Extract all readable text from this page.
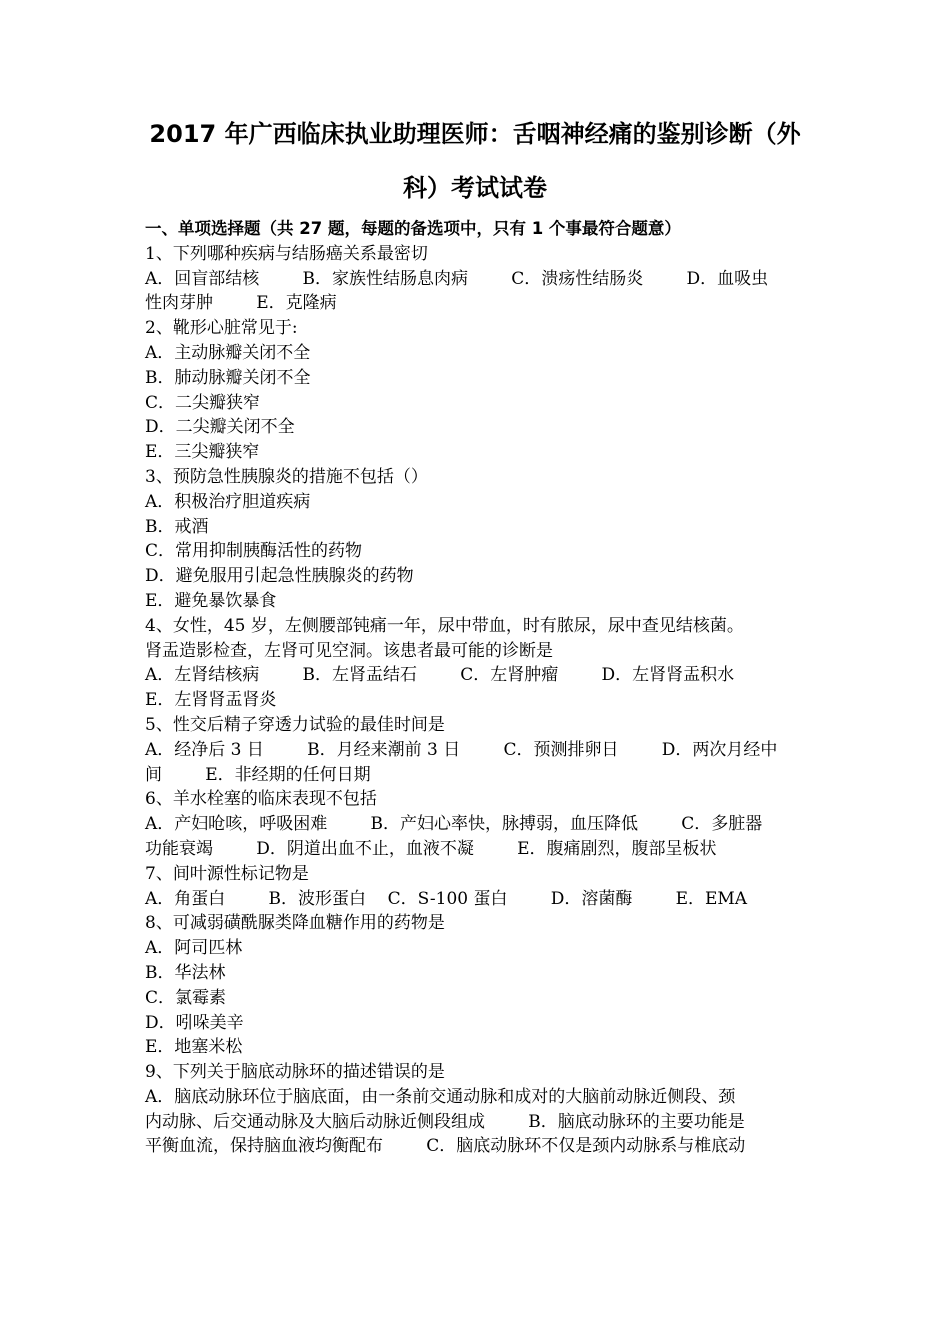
2017 年广西临床执业助理医师：舌咽神经痛的鉴别诊断（外
科）考试试卷
一、单项选择题（共 27 题，每题的备选项中，只有 1 个事最符合题意）
1、下列哪种疾病与结肠癌关系最密切
A．回盲部结核        B．家族性结肠息肉病        C．溃疡性结肠炎        D．血吸虫
性肉芽肿        E．克隆病
2、靴形心脏常见于:
A．主动脉瓣关闭不全
B．肺动脉瓣关闭不全
C．二尖瓣狭窄
D．二尖瓣关闭不全
E．三尖瓣狭窄
3、预防急性胰腺炎的措施不包括（）
A．积极治疗胆道疾病
B．戒酒
C．常用抑制胰酶活性的药物
D．避免服用引起急性胰腺炎的药物
E．避免暴饮暴食
4、女性，45 岁，左侧腰部钝痛一年，尿中带血，时有脓尿，尿中查见结核菌。
肾盂造影检查，左肾可见空洞。该患者最可能的诊断是
A．左肾结核病        B．左肾盂结石        C．左肾肿瘤        D．左肾肾盂积水
E．左肾肾盂肾炎
5、性交后精子穿透力试验的最佳时间是
A．经净后 3 日        B．月经来潮前 3 日        C．预测排卵日        D．两次月经中
间        E．非经期的任何日期
6、羊水栓塞的临床表现不包括
A．产妇呛咳，呼吸困难        B．产妇心率快，脉搏弱，血压降低        C．多脏器
功能衰竭        D．阴道出血不止，血液不凝        E．腹痛剧烈，腹部呈板状
7、间叶源性标记物是
A．角蛋白        B．波形蛋白    C．S-100 蛋白        D．溶菌酶        E．EMA
8、可减弱磺酰脲类降血糖作用的药物是
A．阿司匹林
B．华法林
C．氯霉素
D．吲哚美辛
E．地塞米松
9、下列关于脑底动脉环的描述错误的是
A．脑底动脉环位于脑底面，由一条前交通动脉和成对的大脑前动脉近侧段、颈
内动脉、后交通动脉及大脑后动脉近侧段组成        B．脑底动脉环的主要功能是
平衡血流，保持脑血液均衡配布        C．脑底动脉环不仅是颈内动脉系与椎底动
